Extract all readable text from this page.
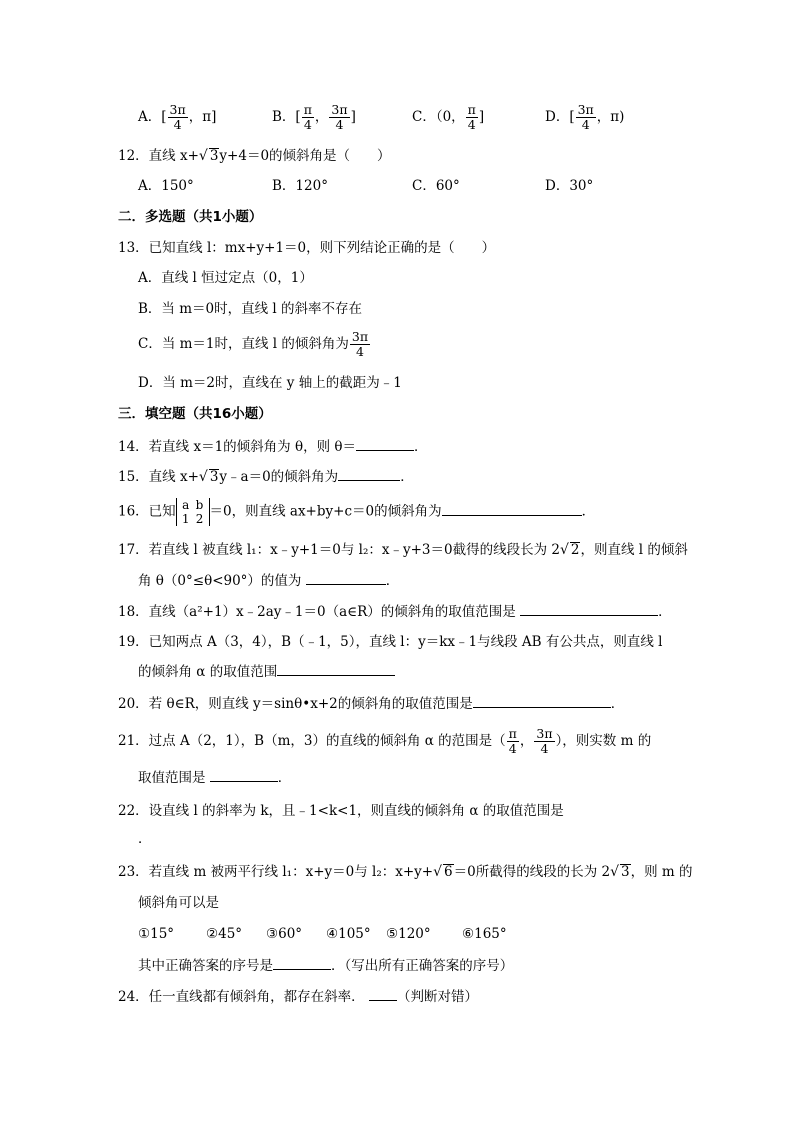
A．[ $\frac{3\pi}{4}$ ，π]	B．[ $\frac{\pi}{4}$ ， $\frac{3\pi}{4}$ ]	C．（0， $\frac{\pi}{4}$ ]	D．[ $\frac{3\pi}{4}$ ，π)
12．直线 x+√ 3y+4＝0的倾斜角是（　　）
A．150°	B．120°	C．60°	D．30°
二．多选题（共1小题）
13．已知直线 l：mx+y+1＝0，则下列结论正确的是（　　）
A．直线 l 恒过定点（0，1）
B．当 m＝0时，直线 l 的斜率不存在
C．当 m＝1时，直线 l 的倾斜角为 $\frac{3\pi}{4}$
D．当 m＝2时，直线在 y 轴上的截距为﹣1
三．填空题（共16小题）
14．若直线 x＝1的倾斜角为 θ，则 θ＝	．
15．直线 x+√ 3y﹣a＝0的倾斜角为	．
16．已知 a b
1 2 ＝0，则直线 ax+by+c＝0的倾斜角为	．
17．若直线 l 被直线 l₁：x﹣y+1＝0与 l₂：x﹣y+3＝0截得的线段长为 2√ 2，则直线 l 的倾斜
角 θ（0°≤θ<90°）的值为	．
18．直线（a²+1）x﹣2ay﹣1＝0（a∈R）的倾斜角的取值范围是	．
19．已知两点 A（3，4），B（﹣1，5），直线 l：y＝kx﹣1与线段 AB 有公共点，则直线 l
的倾斜角 α 的取值范围
20．若 θ∈R，则直线 y＝sinθ•x+2的倾斜角的取值范围是	．
21．过点 A（2，1），B（m，3）的直线的倾斜角 α 的范围是（ $\frac{\pi}{4}$ ， $\frac{3\pi}{4}$ ），则实数 m 的
取值范围是	．
22．设直线 l 的斜率为 k，且﹣1<k<1，则直线的倾斜角 α 的取值范围是
．
23．若直线 m 被两平行线 l₁：x+y＝0与 l₂：x+y+√ 6＝0所截得的线段的长为 2√ 3，则 m 的
倾斜角可以是
①15° ②45° ③60° ④105° ⑤120° ⑥165°
其中正确答案的序号是	．（写出所有正确答案的序号）
24．任一直线都有倾斜角，都存在斜率． （判断对错）
